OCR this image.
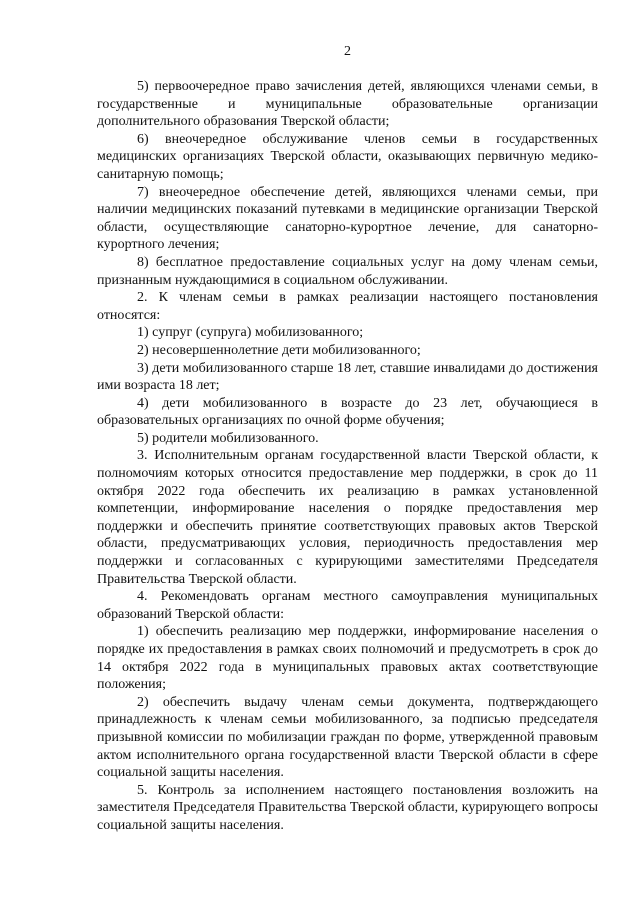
2

5) первоочередное право зачисления детей, являющихся членами семьи, в государственные и муниципальные образовательные организации дополнительного образования Тверской области;

6) внеочередное обслуживание членов семьи в государственных медицинских организациях Тверской области, оказывающих первичную медико-санитарную помощь;

7) внеочередное обеспечение детей, являющихся членами семьи, при наличии медицинских показаний путевками в медицинские организации Тверской области, осуществляющие санаторно-курортное лечение, для санаторно-курортного лечения;

8) бесплатное предоставление социальных услуг на дому членам семьи, признанным нуждающимися в социальном обслуживании.

2. К членам семьи в рамках реализации настоящего постановления относятся:

1) супруг (супруга) мобилизованного;

2) несовершеннолетние дети мобилизованного;

3) дети мобилизованного старше 18 лет, ставшие инвалидами до достижения ими возраста 18 лет;

4) дети мобилизованного в возрасте до 23 лет, обучающиеся в образовательных организациях по очной форме обучения;

5) родители мобилизованного.

3. Исполнительным органам государственной власти Тверской области, к полномочиям которых относится предоставление мер поддержки, в срок до 11 октября 2022 года обеспечить их реализацию в рамках установленной компетенции, информирование населения о порядке предоставления мер поддержки и обеспечить принятие соответствующих правовых актов Тверской области, предусматривающих условия, периодичность предоставления мер поддержки и согласованных с курирующими заместителями Председателя Правительства Тверской области.

4. Рекомендовать органам местного самоуправления муниципальных образований Тверской области:

1) обеспечить реализацию мер поддержки, информирование населения о порядке их предоставления в рамках своих полномочий и предусмотреть в срок до 14 октября 2022 года в муниципальных правовых актах соответствующие положения;

2) обеспечить выдачу членам семьи документа, подтверждающего принадлежность к членам семьи мобилизованного, за подписью председателя призывной комиссии по мобилизации граждан по форме, утвержденной правовым актом исполнительного органа государственной власти Тверской области в сфере социальной защиты населения.

5. Контроль за исполнением настоящего постановления возложить на заместителя Председателя Правительства Тверской области, курирующего вопросы социальной защиты населения.
